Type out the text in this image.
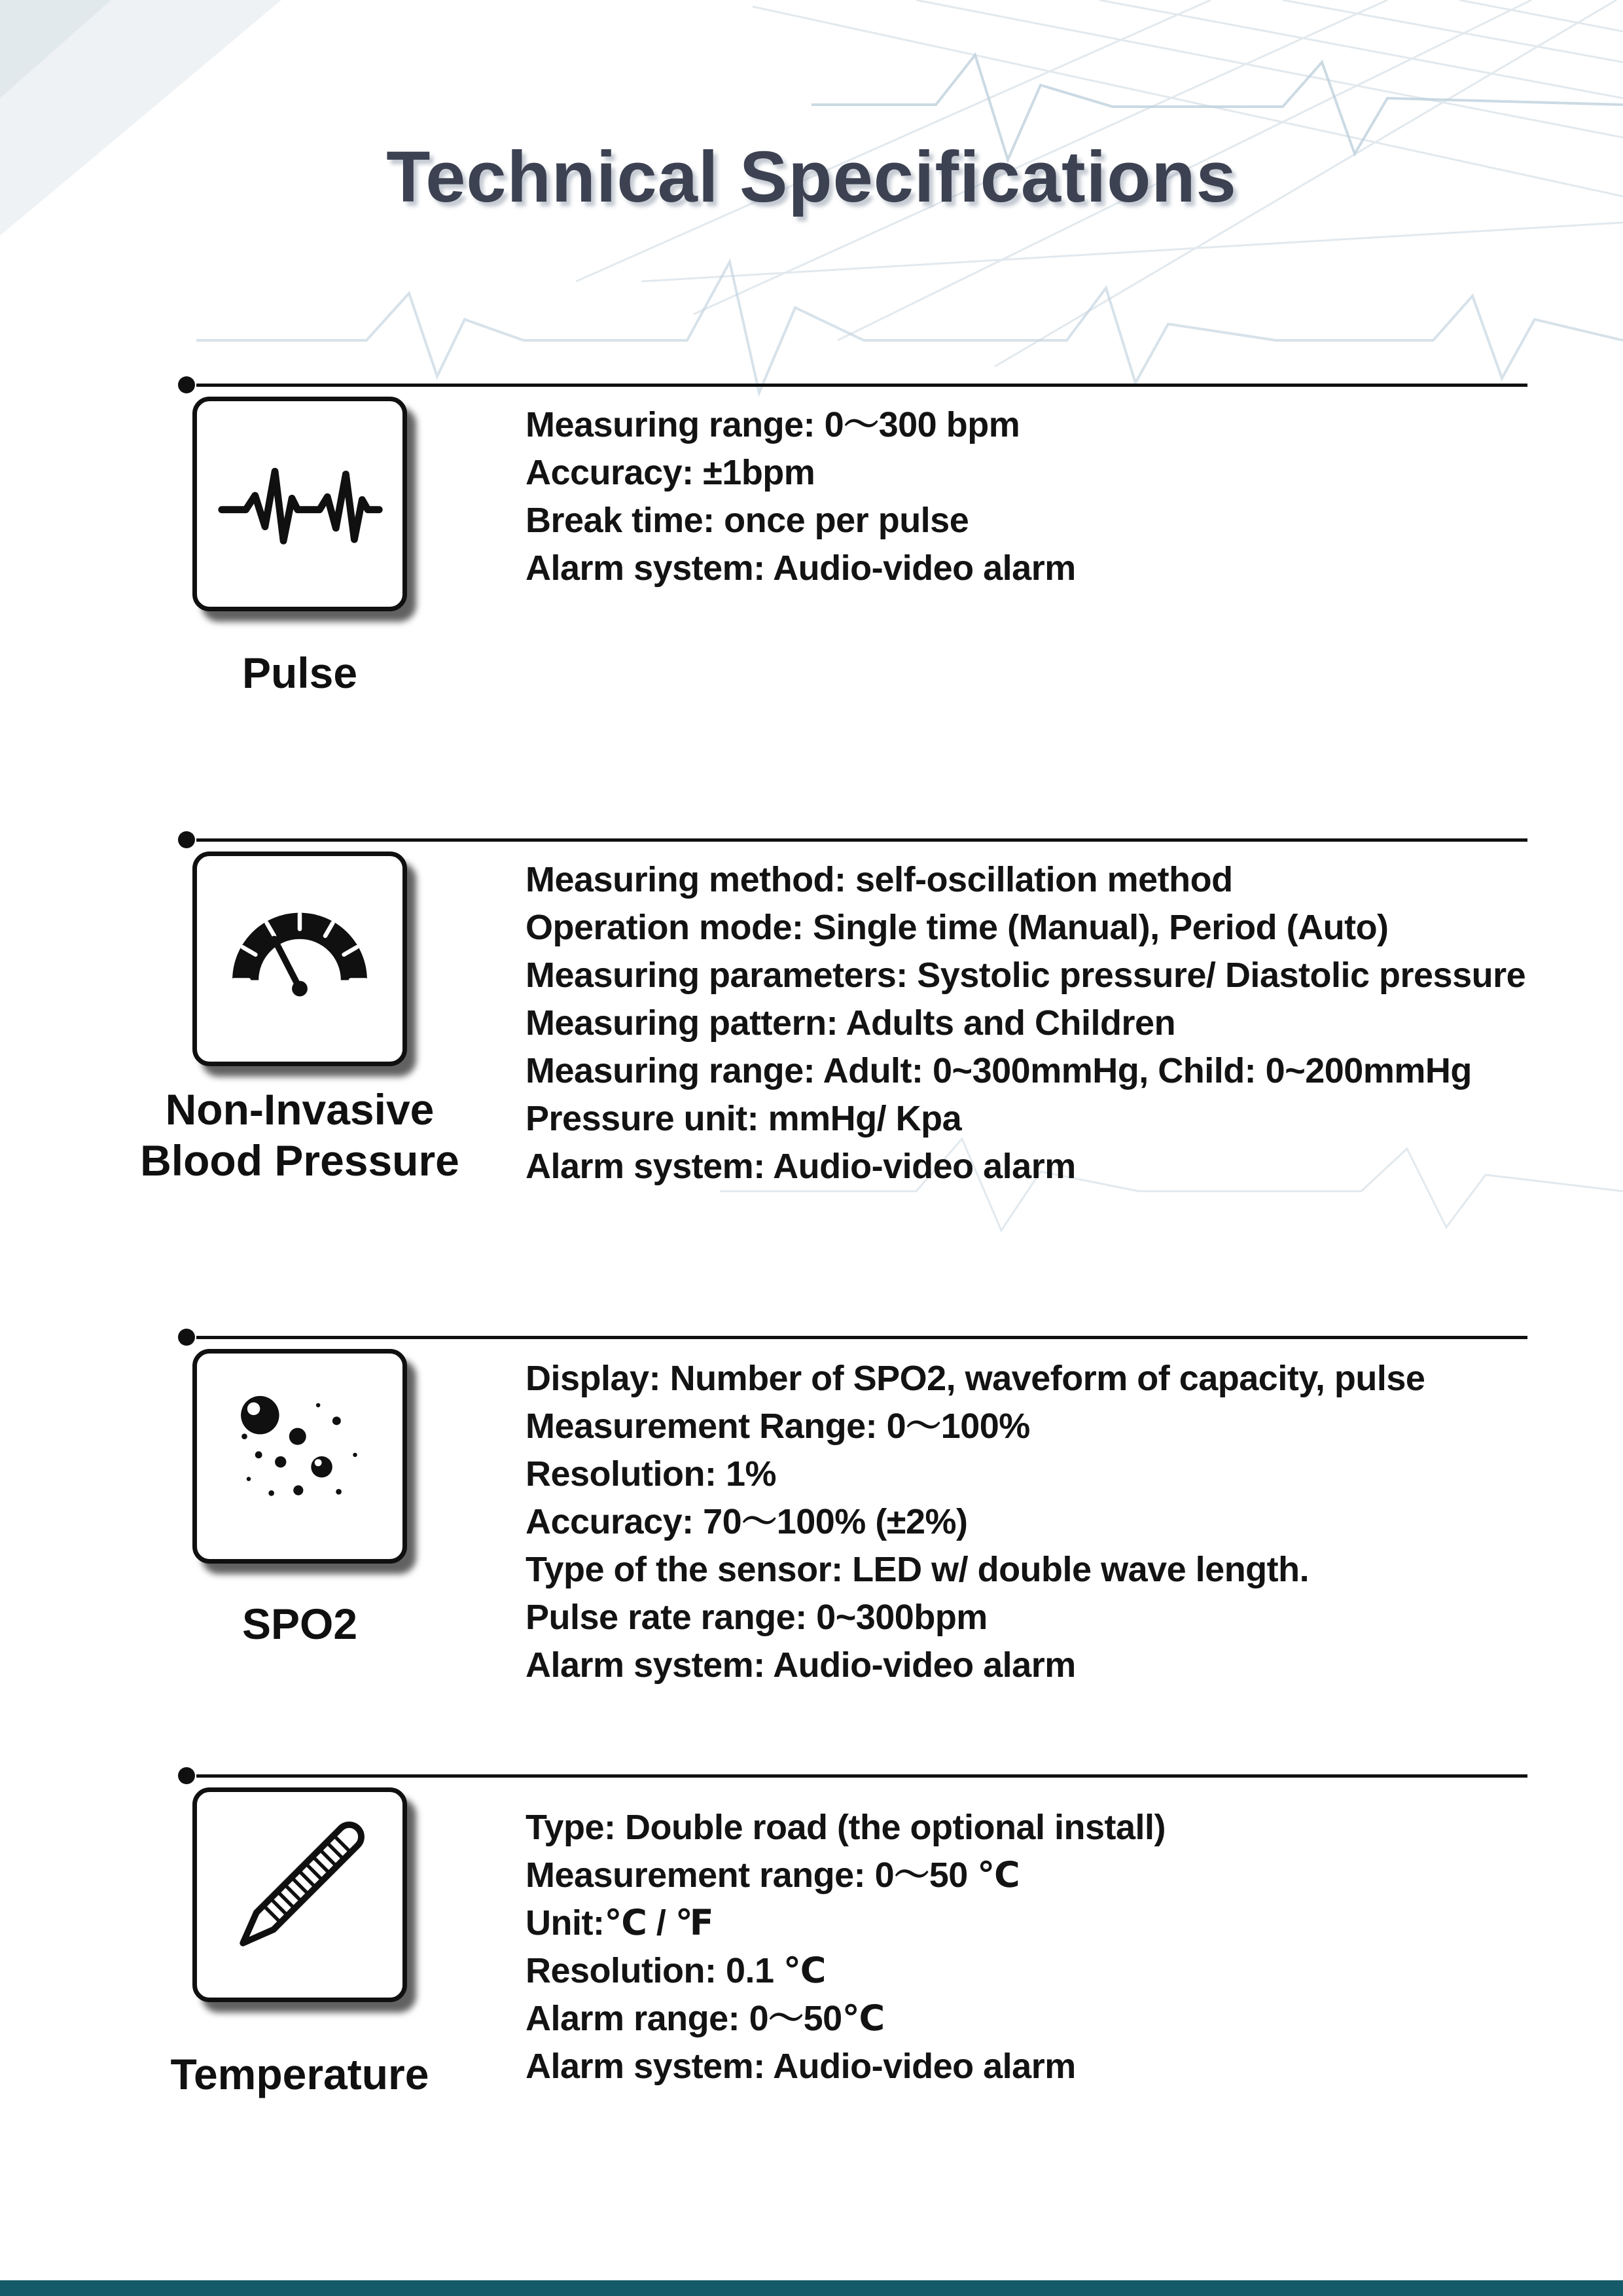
Technical Specifications
Pulse
Measuring range: 0～300 bpm
Accuracy: ±1bpm
Break time: once per pulse
Alarm system: Audio-video alarm
Non-Invasive Blood Pressure
Measuring method: self-oscillation method
Operation mode: Single time (Manual), Period (Auto)
Measuring parameters: Systolic pressure/ Diastolic pressure
Measuring pattern: Adults and Children
Measuring range: Adult: 0~300mmHg, Child: 0~200mmHg
Pressure unit: mmHg/ Kpa
Alarm system: Audio-video alarm
SPO2
Display: Number of SPO2, waveform of capacity, pulse
Measurement Range: 0～100%
Resolution: 1%
Accuracy: 70～100% (±2%)
Type of the sensor: LED w/ double wave length.
Pulse rate range: 0~300bpm
Alarm system: Audio-video alarm
Temperature
Type: Double road (the optional install)
Measurement range: 0～50 ℃
Unit:℃ / ℉
Resolution: 0.1 ℃
Alarm range: 0～50℃
Alarm system: Audio-video alarm
